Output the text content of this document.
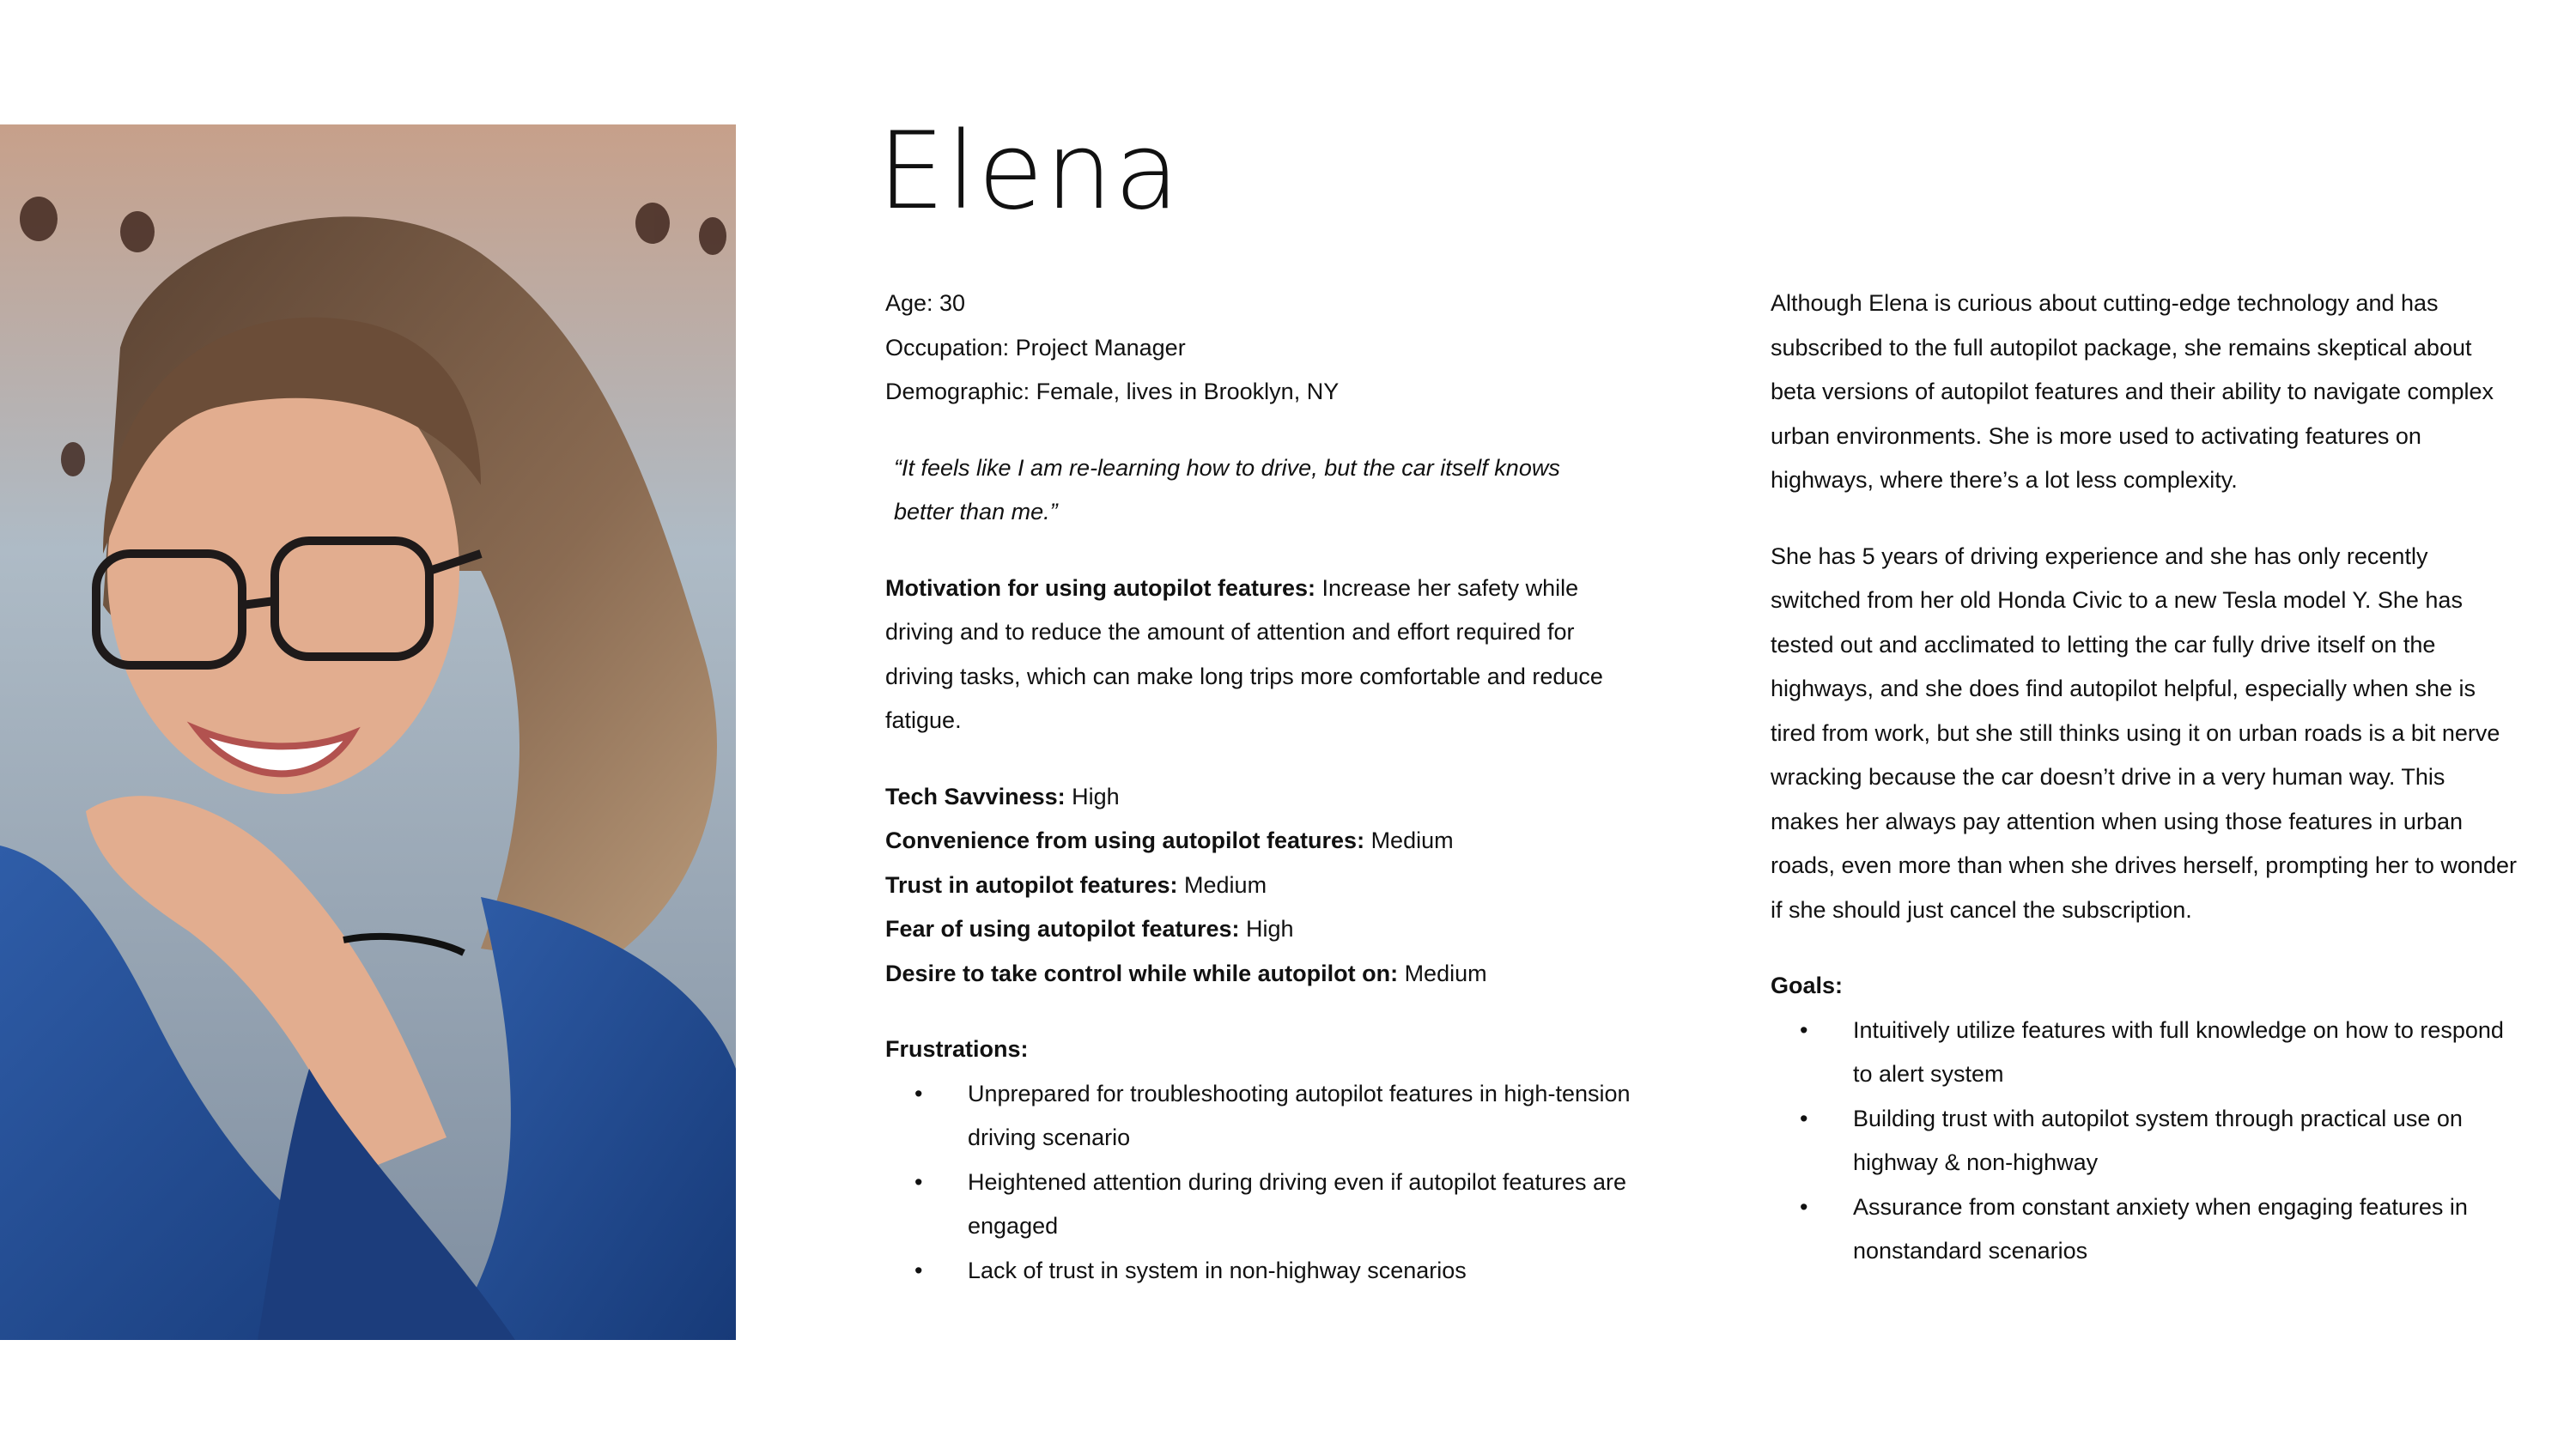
Elena

Age: 30

Occupation: Project Manager

Demographic: Female, lives in Brooklyn, NY

“It feels like I am re-learning how to drive, but the car itself knows
better than me.”

Motivation for using autopilot features: Increase her safety while driving and to reduce the amount of attention and effort required for driving tasks, which can make long trips more comfortable and reduce fatigue.

Tech Savviness: High

Convenience from using autopilot features: Medium

Trust in autopilot features: Medium

Fear of using autopilot features: High

Desire to take control while while autopilot on: Medium

Frustrations:

• Unprepared for troubleshooting autopilot features in high-tension driving scenario
• Heightened attention during driving even if autopilot features are engaged
• Lack of trust in system in non-highway scenarios

Although Elena is curious about cutting-edge technology and has subscribed to the full autopilot package, she remains skeptical about beta versions of autopilot features and their ability to navigate complex urban environments. She is more used to activating features on highways, where there’s a lot less complexity.

She has 5 years of driving experience and she has only recently switched from her old Honda Civic to a new Tesla model Y. She has tested out and acclimated to letting the car fully drive itself on the highways, and she does find autopilot helpful, especially when she is tired from work, but she still thinks using it on urban roads is a bit nerve wracking because the car doesn’t drive in a very human way. This makes her always pay attention when using those features in urban roads, even more than when she drives herself, prompting her to wonder if she should just cancel the subscription.

Goals:

• Intuitively utilize features with full knowledge on how to respond to alert system
• Building trust with autopilot system through practical use on highway & non-highway
• Assurance from constant anxiety when engaging features in nonstandard scenarios
